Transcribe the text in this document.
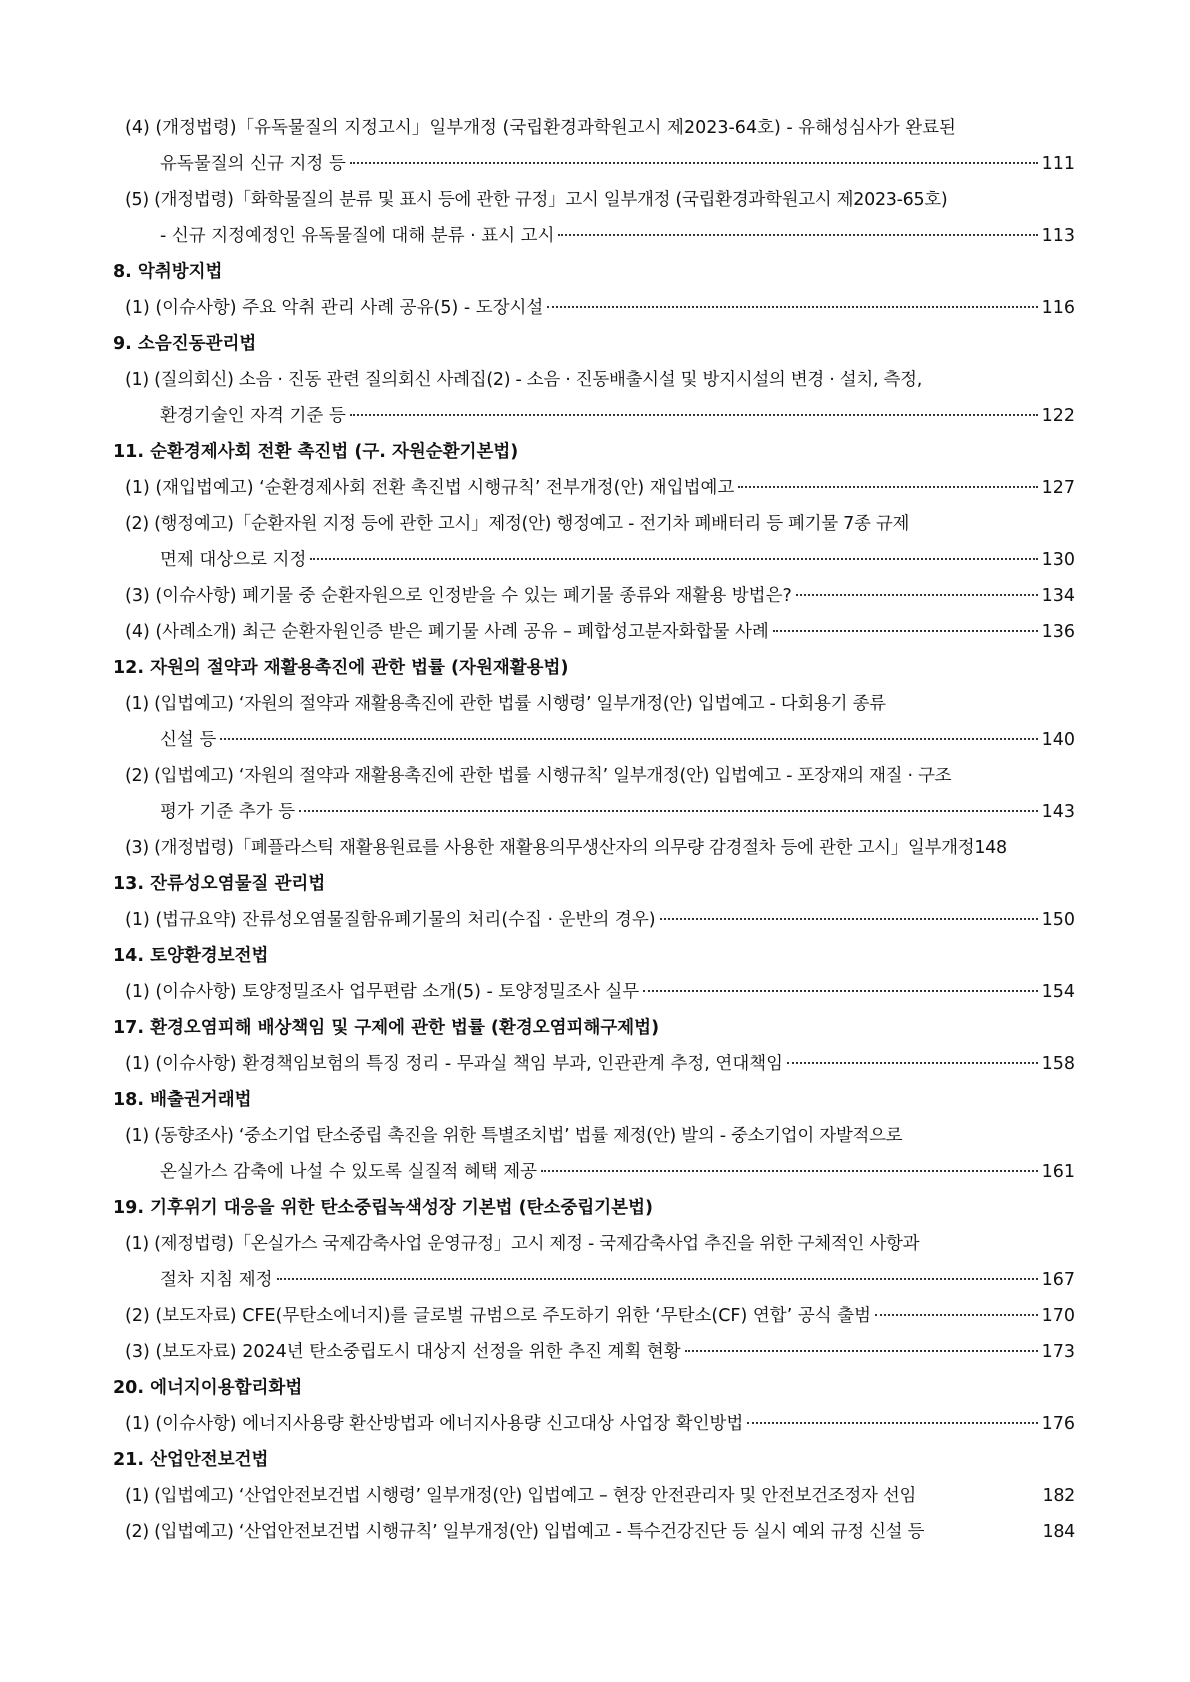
(4) (개정법령)「유독물질의 지정고시」일부개정 (국립환경과학원고시 제2023-64호) - 유해성심사가 완료된
유독물질의 신규 지정 등	111
(5) (개정법령)「화학물질의 분류 및 표시 등에 관한 규정」고시 일부개정 (국립환경과학원고시 제2023-65호)
- 신규 지정예정인 유독물질에 대해 분류 · 표시 고시	113
8. 악취방지법
(1) (이슈사항) 주요 악취 관리 사례 공유(5) - 도장시설	116
9. 소음진동관리법
(1) (질의회신) 소음 · 진동 관련 질의회신 사례집(2) - 소음 · 진동배출시설 및 방지시설의 변경 · 설치, 측정,
환경기술인 자격 기준 등	122
11. 순환경제사회 전환 촉진법 (구. 자원순환기본법)
(1) (재입법예고) ‘순환경제사회 전환 촉진법 시행규칙’ 전부개정(안) 재입법예고	127
(2) (행정예고)「순환자원 지정 등에 관한 고시」제정(안) 행정예고 - 전기차 폐배터리 등 폐기물 7종 규제
면제 대상으로 지정	130
(3) (이슈사항) 폐기물 중 순환자원으로 인정받을 수 있는 폐기물 종류와 재활용 방법은?	134
(4) (사례소개) 최근 순환자원인증 받은 폐기물 사례 공유 – 폐합성고분자화합물 사례	136
12. 자원의 절약과 재활용촉진에 관한 법률 (자원재활용법)
(1) (입법예고) ‘자원의 절약과 재활용촉진에 관한 법률 시행령’ 일부개정(안) 입법예고 - 다회용기 종류
신설 등	140
(2) (입법예고) ‘자원의 절약과 재활용촉진에 관한 법률 시행규칙’ 일부개정(안) 입법예고 - 포장재의 재질 · 구조
평가 기준 추가 등	143
(3) (개정법령)「폐플라스틱 재활용원료를 사용한 재활용의무생산자의 의무량 감경절차 등에 관한 고시」일부개정 148
13. 잔류성오염물질 관리법
(1) (법규요약) 잔류성오염물질함유폐기물의 처리(수집 · 운반의 경우)	150
14. 토양환경보전법
(1) (이슈사항) 토양정밀조사 업무편람 소개(5) - 토양정밀조사 실무	154
17. 환경오염피해 배상책임 및 구제에 관한 법률 (환경오염피해구제법)
(1) (이슈사항) 환경책임보험의 특징 정리 - 무과실 책임 부과, 인관관계 추정, 연대책임	158
18. 배출권거래법
(1) (동향조사) ‘중소기업 탄소중립 촉진을 위한 특별조치법’ 법률 제정(안) 발의 - 중소기업이 자발적으로
온실가스 감축에 나설 수 있도록 실질적 혜택 제공	161
19. 기후위기 대응을 위한 탄소중립녹색성장 기본법 (탄소중립기본법)
(1) (제정법령)「온실가스 국제감축사업 운영규정」고시 제정 - 국제감축사업 추진을 위한 구체적인 사항과
절차 지침 제정	167
(2) (보도자료) CFE(무탄소에너지)를 글로벌 규범으로 주도하기 위한 ‘무탄소(CF) 연합’ 공식 출범	170
(3) (보도자료) 2024년 탄소중립도시 대상지 선정을 위한 추진 계획 현황	173
20. 에너지이용합리화법
(1) (이슈사항) 에너지사용량 환산방법과 에너지사용량 신고대상 사업장 확인방법	176
21. 산업안전보건법
(1) (입법예고) ‘산업안전보건법 시행령’ 일부개정(안) 입법예고 – 현장 안전관리자 및 안전보건조정자 선임	182
(2) (입법예고) ‘산업안전보건법 시행규칙’ 일부개정(안) 입법예고 - 특수건강진단 등 실시 예외 규정 신설 등	184
